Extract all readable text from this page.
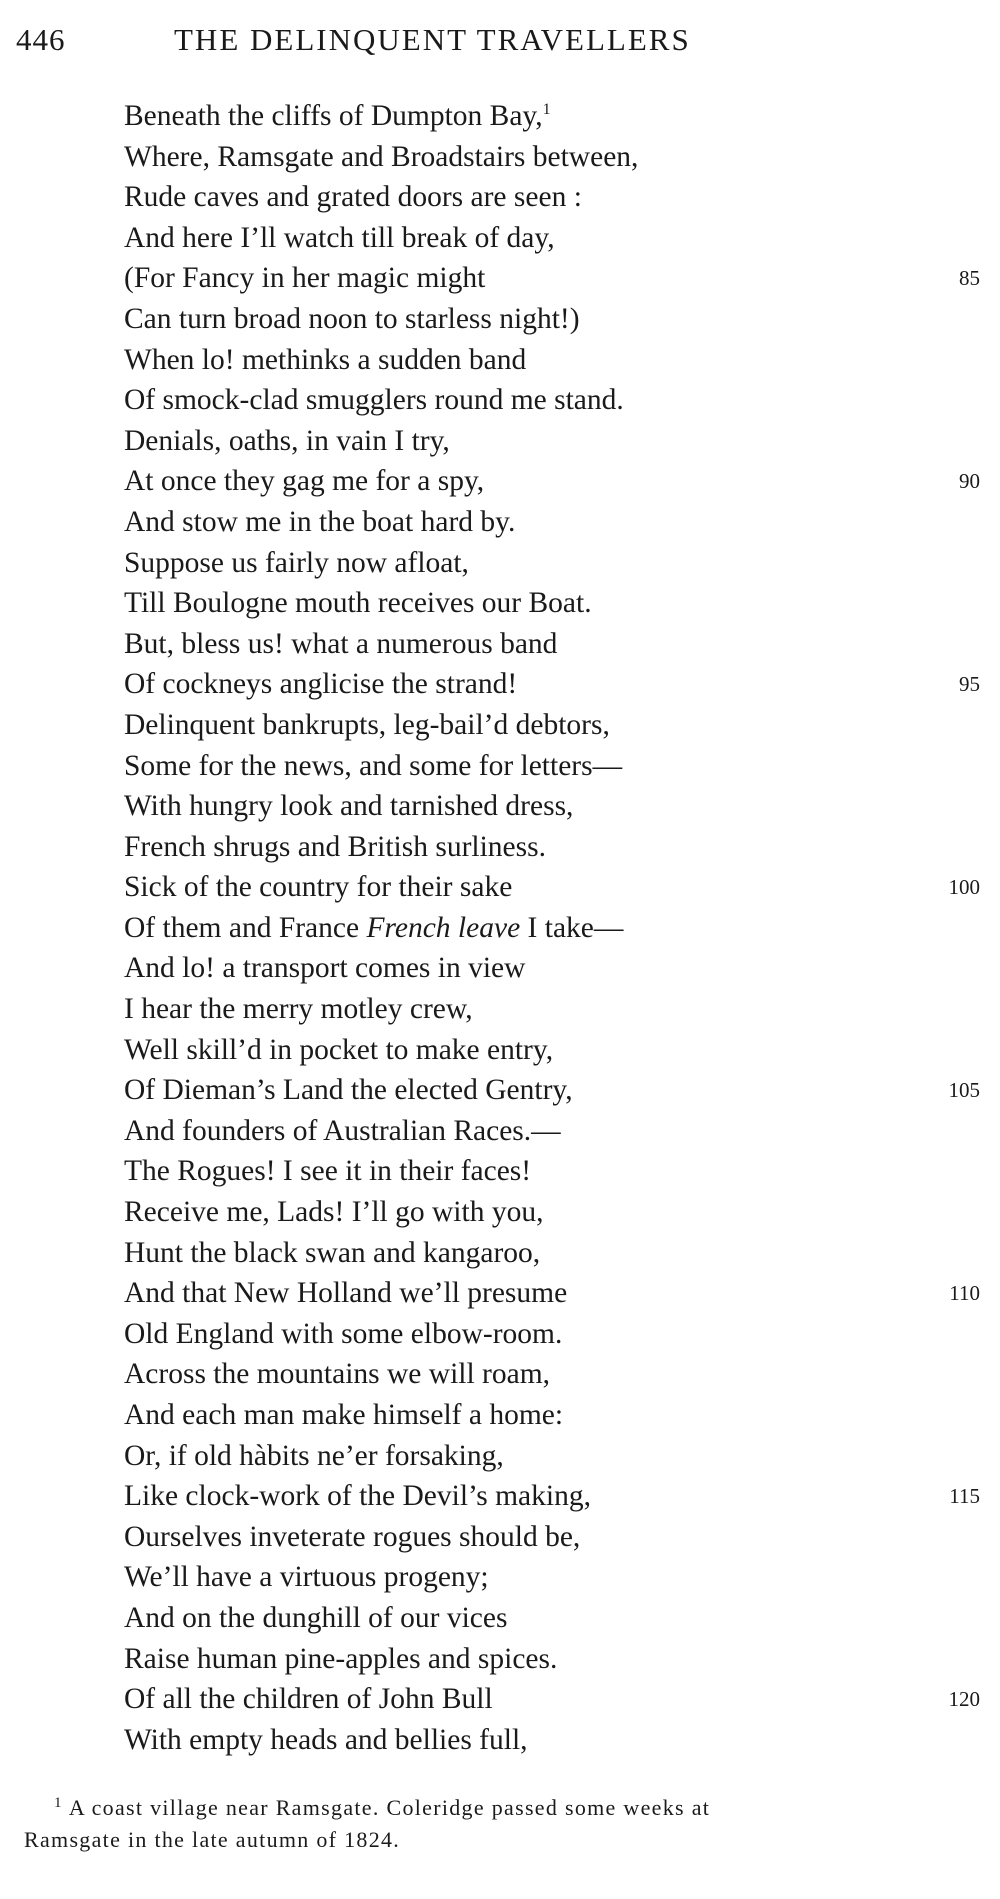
446	THE DELINQUENT TRAVELLERS
Beneath the cliffs of Dumpton Bay,$^1$
Where, Ramsgate and Broadstairs between,
Rude caves and grated doors are seen :
And here I’ll watch till break of day,
(For Fancy in her magic might	85
Can turn broad noon to starless night!)
When lo! methinks a sudden band
Of smock-clad smugglers round me stand.
Denials, oaths, in vain I try,
At once they gag me for a spy,	90
And stow me in the boat hard by.
Suppose us fairly now afloat,
Till Boulogne mouth receives our Boat.
But, bless us! what a numerous band
Of cockneys anglicise the strand!	95
Delinquent bankrupts, leg-bail’d debtors,
Some for the news, and some for letters—
With hungry look and tarnished dress,
French shrugs and British surliness.
Sick of the country for their sake	100
Of them and France French leave I take—
And lo! a transport comes in view
I hear the merry motley crew,
Well skill’d in pocket to make entry,
Of Dieman’s Land the elected Gentry,	105
And founders of Australian Races.—
The Rogues! I see it in their faces!
Receive me, Lads! I’ll go with you,
Hunt the black swan and kangaroo,
And that New Holland we’ll presume	110
Old England with some elbow-room.
Across the mountains we will roam,
And each man make himself a home:
Or, if old hàbits ne’er forsaking,
Like clock-work of the Devil’s making,	115
Ourselves inveterate rogues should be,
We’ll have a virtuous progeny;
And on the dunghill of our vices
Raise human pine-apples and spices.
Of all the children of John Bull	120
With empty heads and bellies full,
$^1$ A coast village near Ramsgate. Coleridge passed some weeks at
Ramsgate in the late autumn of 1824.
